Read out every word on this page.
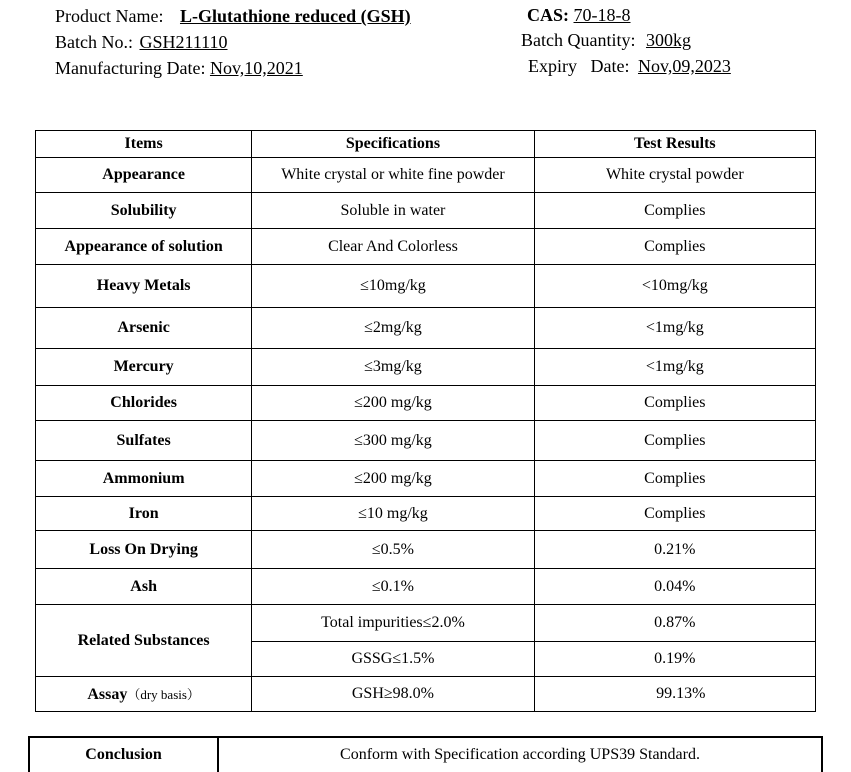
Product Name: L-Glutathione reduced (GSH)
Batch No.: GSH211110
Manufacturing Date: Nov,10,2021
CAS: 70-18-8
Batch Quantity: 300kg
Expiry   Date: Nov,09,2023
Items	Specifications	Test Results
Appearance	White crystal or white fine powder	White crystal powder
Solubility	Soluble in water	Complies
Appearance of solution	Clear And Colorless	Complies
Heavy Metals	≤10mg/kg	<10mg/kg
Arsenic	≤2mg/kg	<1mg/kg
Mercury	≤3mg/kg	<1mg/kg
Chlorides	≤200 mg/kg	Complies
Sulfates	≤300 mg/kg	Complies
Ammonium	≤200 mg/kg	Complies
Iron	≤10 mg/kg	Complies
Loss On Drying	≤0.5%	0.21%
Ash	≤0.1%	0.04%
Related Substances	Total impurities≤2.0%	0.87%
	GSSG≤1.5%	0.19%
Assay（dry basis）	GSH≥98.0%	99.13%
Conclusion	Conform with Specification according UPS39 Standard.
